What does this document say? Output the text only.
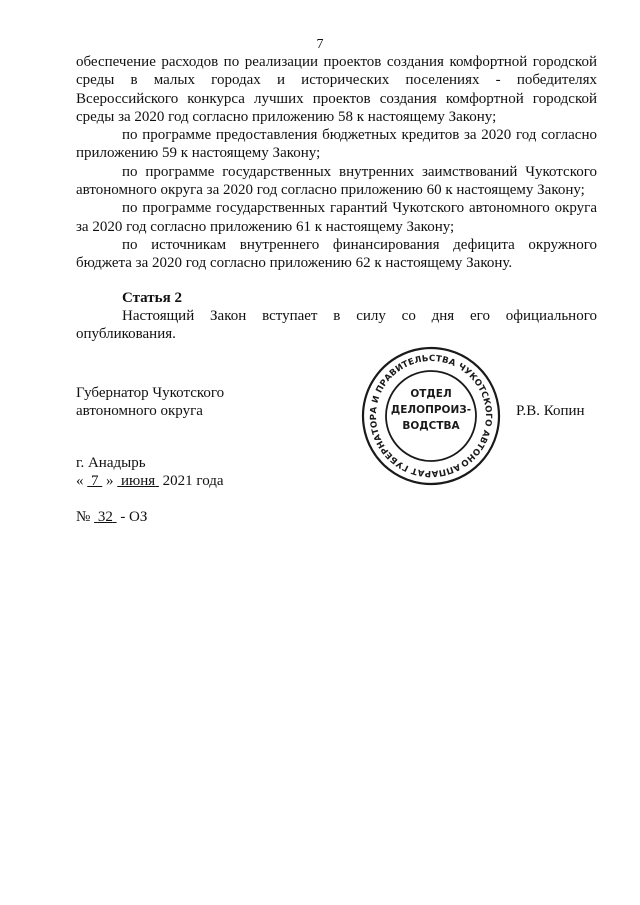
7

обеспечение расходов по реализации проектов создания комфортной городской среды в малых городах и исторических поселениях - победителях Всероссийского конкурса лучших проектов создания комфортной городской среды за 2020 год согласно приложению 58 к настоящему Закону;

по программе предоставления бюджетных кредитов за 2020 год согласно приложению 59 к настоящему Закону;

по программе государственных внутренних заимствований Чукотского автономного округа за 2020 год согласно приложению 60 к настоящему Закону;

по программе государственных гарантий Чукотского автономного округа за 2020 год согласно приложению 61 к настоящему Закону;

по источникам внутреннего финансирования дефицита окружного бюджета за 2020 год согласно приложению 62 к настоящему Закону.

Статья 2

Настоящий Закон вступает в силу со дня его официального опубликования.

Губернатор Чукотского
автономного округа
АППАРАТ ГУБЕРНАТОРА И ПРАВИТЕЛЬСТВА ЧУКОТСКОГО АВТОНОМНОГО
ОТДЕЛ
ДЕЛОПРОИЗ-
ВОДСТВА
Р.В. Копин
г. Анадырь
« 7 » июня 2021 года
№ 32 - ОЗ
